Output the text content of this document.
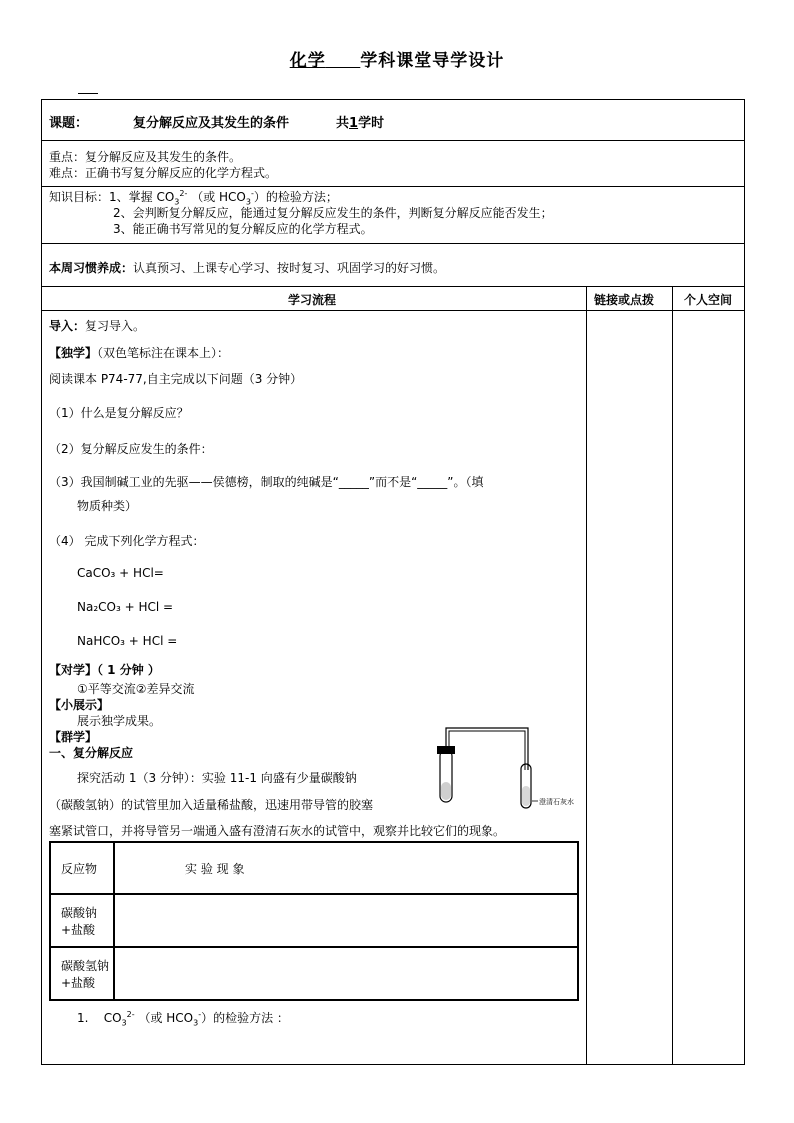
化学 学科课堂导学设计
课题：	复分解反应及其发生的条件	共1学时
重点：复分解反应及其发生的条件。
难点：正确书写复分解反应的化学方程式。
知识目标：1、掌握 $CO_3^{2-}$ （或 $HCO_3^-$）的检验方法；
2、会判断复分解反应，能通过复分解反应发生的条件，判断复分解反应能否发生；
3、能正确书写常见的复分解反应的化学方程式。
本周习惯养成：认真预习、上课专心学习、按时复习、巩固学习的好习惯。
学习流程	链接或点拨 个人空间
导入：复习导入。
【独学】（双色笔标注在课本上）：
阅读课本 P74-77,自主完成以下问题（3 分钟）
（1）什么是复分解反应？
（2）复分解反应发生的条件：
（3）我国制碱工业的先驱——侯德榜，制取的纯碱是“_____”而不是“_____”。（填
物质种类）
（4） 完成下列化学方程式：
CaCO₃ + HCl=
Na₂CO₃ + HCl =
NaHCO₃ + HCl =
【对学】（ 1 分钟 ）
①平等交流②差异交流
【小展示】
展示独学成果。
【群学】
一、复分解反应
探究活动 1（3 分钟）：实验 11-1 向盛有少量碳酸钠
（碳酸氢钠）的试管里加入适量稀盐酸，迅速用带导管的胶塞
塞紧试管口，并将导管另一端通入盛有澄清石灰水的试管中，观察并比较它们的现象。
澄清石灰水
反应物	实 验 现 象
碳酸钠+盐酸	
碳酸氢钠+盐酸	
1. $CO_3^{2-}$ （或 $HCO_3^-$）的检验方法 ：
